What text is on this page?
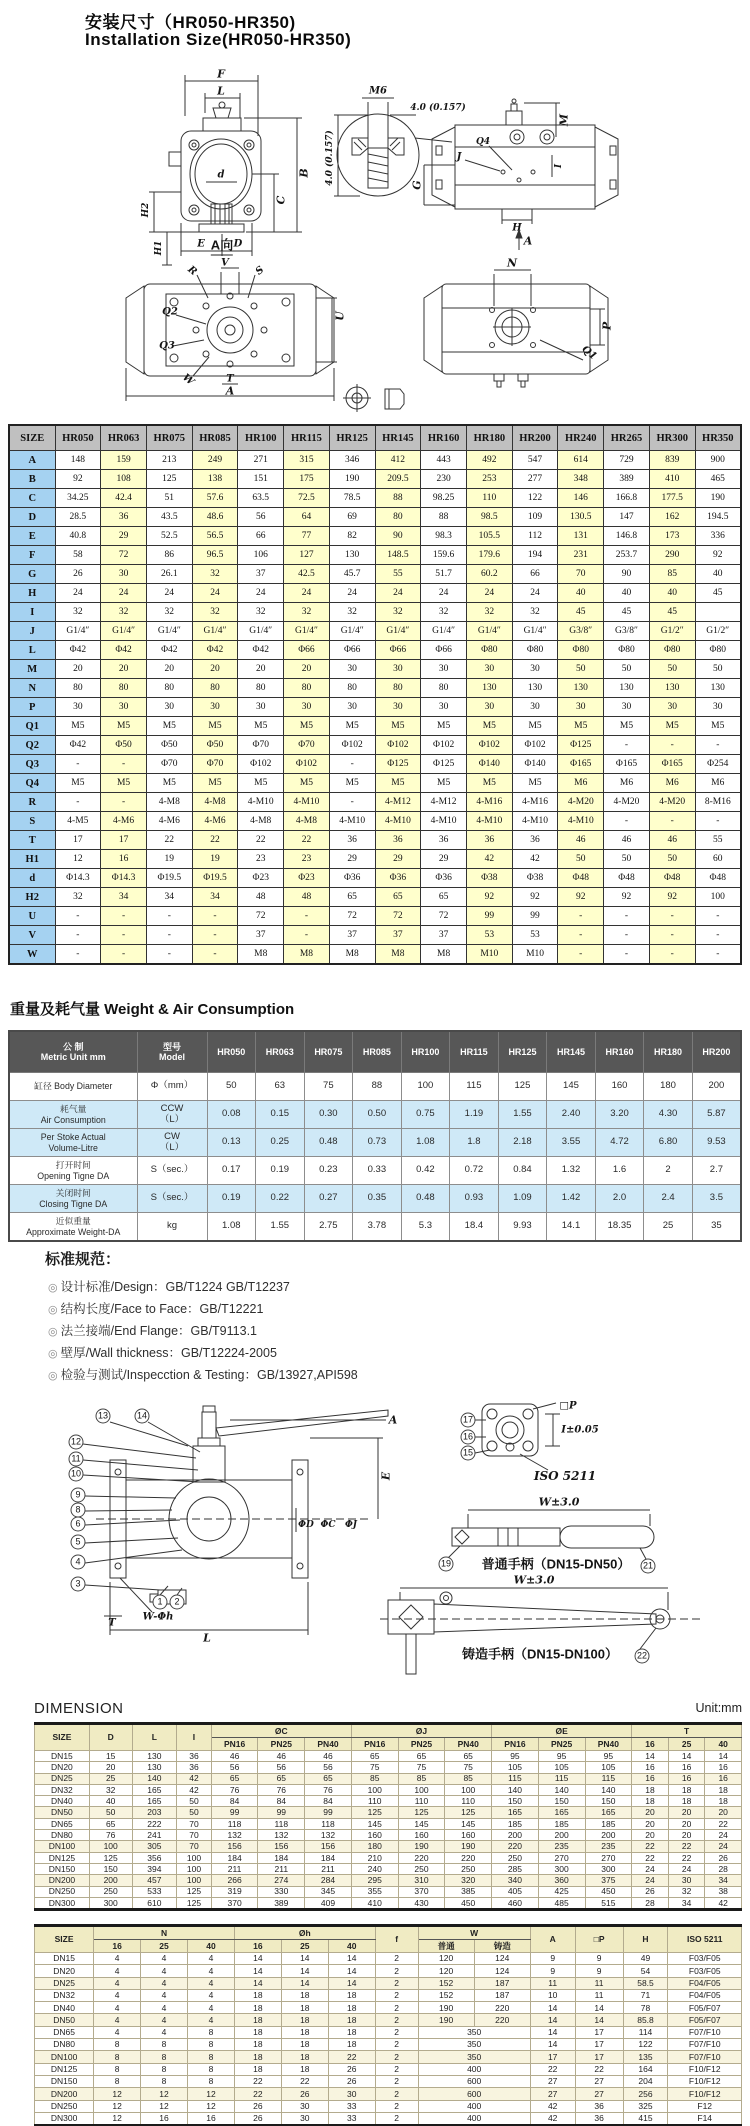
安装尺寸（HR050-HR350)
Installation Size(HR050-HR350)
F
L
B
C
d
H2
H1	E	D
M6
4.0 (0.157)
4.0 (0.157)	Q4
J
M
G
I
H
A
A向
V
R	S
Q2
Q3
U
W	T
A
N
P
Q1
SIZE	HR050	HR063	HR075	HR085	HR100	HR115	HR125	HR145	HR160	HR180	HR200	HR240	HR265	HR300	HR350
A	148	159	213	249	271	315	346	412	443	492	547	614	729	839	900
B	92	108	125	138	151	175	190	209.5	230	253	277	348	389	410	465
C	34.25	42.4	51	57.6	63.5	72.5	78.5	88	98.25	110	122	146	166.8	177.5	190
D	28.5	36	43.5	48.6	56	64	69	80	88	98.5	109	130.5	147	162	194.5
E	40.8	29	52.5	56.5	66	77	82	90	98.3	105.5	112	131	146.8	173	336
F	58	72	86	96.5	106	127	130	148.5	159.6	179.6	194	231	253.7	290	92
G	26	30	26.1	32	37	42.5	45.7	55	51.7	60.2	66	70	90	85	40
H	24	24	24	24	24	24	24	24	24	24	24	40	40	40	45
I	32	32	32	32	32	32	32	32	32	32	32	45	45	45	
J	G1/4″	G1/4″	G1/4″	G1/4″	G1/4″	G1/4″	G1/4″	G1/4″	G1/4″	G1/4″	G1/4″	G3/8″	G3/8″	G1/2″	G1/2″
L	Φ42	Φ42	Φ42	Φ42	Φ42	Φ66	Φ66	Φ66	Φ66	Φ80	Φ80	Φ80	Φ80	Φ80	Φ80
M	20	20	20	20	20	20	30	30	30	30	30	50	50	50	50
N	80	80	80	80	80	80	80	80	80	130	130	130	130	130	130
P	30	30	30	30	30	30	30	30	30	30	30	30	30	30	30
Q1	M5	M5	M5	M5	M5	M5	M5	M5	M5	M5	M5	M5	M5	M5	M5
Q2	Φ42	Φ50	Φ50	Φ50	Φ70	Φ70	Φ102	Φ102	Φ102	Φ102	Φ102	Φ125	-	-	-
Q3	-	-	Φ70	Φ70	Φ102	Φ102	-	Φ125	Φ125	Φ140	Φ140	Φ165	Φ165	Φ165	Φ254
Q4	M5	M5	M5	M5	M5	M5	M5	M5	M5	M5	M5	M6	M6	M6	M6
R	-	-	4-M8	4-M8	4-M10	4-M10	-	4-M12	4-M12	4-M16	4-M16	4-M20	4-M20	4-M20	8-M16
S	4-M5	4-M6	4-M6	4-M6	4-M8	4-M8	4-M10	4-M10	4-M10	4-M10	4-M10	4-M10	-	-	-
T	17	17	22	22	22	22	36	36	36	36	36	46	46	46	55
H1	12	16	19	19	23	23	29	29	29	42	42	50	50	50	60
d	Φ14.3	Φ14.3	Φ19.5	Φ19.5	Φ23	Φ23	Φ36	Φ36	Φ36	Φ38	Φ38	Φ48	Φ48	Φ48	Φ48
H2	32	34	34	34	48	48	65	65	65	92	92	92	92	92	100
U	-	-	-	-	72	-	72	72	72	99	99	-	-	-	-
V	-	-	-	-	37	-	37	37	37	53	53	-	-	-	-
W	-	-	-	-	M8	M8	M8	M8	M8	M10	M10	-	-	-	-
重量及耗气量 Weight & Air Consumption
公 制
Metric Unit mm

型号
Model
	HR050	HR063	HR075	HR085	HR100	HR115	HR125	HR145	HR160	HR180	HR200

缸径 Body Diameter	Φ（mm）	50	63	75	88	100	115	125	145	160	180	200

耗气量
Air Consumption

CCW
（L）	0.08	0.15	0.30	0.50	0.75	1.19	1.55	2.40	3.20	4.30	5.87

Per Stoke Actual
Volume-Litre

CW
（L）	0.13	0.25	0.48	0.73	1.08	1.8	2.18	3.55	4.72	6.80	9.53

打开时间
Opening Tigne DA	S（sec.）	0.17	0.19	0.23	0.33	0.42	0.72	0.84	1.32	1.6	2	2.7

关闭时间
Closing Tigne DA	S（sec.）	0.19	0.22	0.27	0.35	0.48	0.93	1.09	1.42	2.0	2.4	3.5

近似重量
Approximate Weight-DA	kg	1.08	1.55	2.75	3.78	5.3	18.4	9.93	14.1	18.35	25	35
标准规范：
◎ 设计标准/Design：GB/T1224 GB/T12237
◎ 结构长度/Face to Face：GB/T12221
◎ 法兰接端/End Flange：GB/T9113.1
◎ 壁厚/Wall thickness：GB/T12224-2005
◎ 检验与测试/Inspecction & Testing：GB/13927,API598
A
E
ΦD ΦC ΦJ
W-Φh
T
L
□P
I±0.05
ISO 5211
W±3.0
W±3.0
普通手柄（DN15-DN50）
铸造手柄（DN15-DN100）
13	14
12
11
10
9
8
6
5
4
3
1	2
17
16
15
19	21
22
DIMENSION	Unit:mm
SIZE	D	L	I	ØC			ØJ			ØE			T		
				PN16	PN25	PN40	PN16	PN25	PN40	PN16	PN25	PN40	16	25	40
DN15	15	130	36	46	46	46	65	65	65	95	95	95	14	14	14
DN20	20	130	36	56	56	56	75	75	75	105	105	105	16	16	16
DN25	25	140	42	65	65	65	85	85	85	115	115	115	16	16	16
DN32	32	165	42	76	76	76	100	100	100	140	140	140	18	18	18
DN40	40	165	50	84	84	84	110	110	110	150	150	150	18	18	18
DN50	50	203	50	99	99	99	125	125	125	165	165	165	20	20	20
DN65	65	222	70	118	118	118	145	145	145	185	185	185	20	20	22
DN80	76	241	70	132	132	132	160	160	160	200	200	200	20	20	24
DN100	100	305	70	156	156	156	180	190	190	220	235	235	22	22	24
DN125	125	356	100	184	184	184	210	220	220	250	270	270	22	22	26
DN150	150	394	100	211	211	211	240	250	250	285	300	300	24	24	28
DN200	200	457	100	266	274	284	295	310	320	340	360	375	24	30	34
DN250	250	533	125	319	330	345	355	370	385	405	425	450	26	32	38
DN300	300	610	125	370	389	409	410	430	450	460	485	515	28	34	42
SIZE	N			Øh			f	W		A	□P	H	ISO 5211
	16	25	40	16	25	40		普通	铸造				
DN15	4	4	4	14	14	14	2	120	124	9	9	49	F03/F05
DN20	4	4	4	14	14	14	2	120	124	9	9	54	F03/F05
DN25	4	4	4	14	14	14	2	152	187	11	11	58.5	F04/F05
DN32	4	4	4	18	18	18	2	152	187	10	11	71	F04/F05
DN40	4	4	4	18	18	18	2	190	220	14	14	78	F05/F07
DN50	4	4	4	18	18	18	2	190	220	14	14	85.8	F05/F07
DN65	4	4	8	18	18	18	2	350		14	17	114	F07/F10
DN80	8	8	8	18	18	18	2	350		14	17	122	F07/F10
DN100	8	8	8	18	18	22	2	350		17	17	135	F07/F10
DN125	8	8	8	18	18	26	2	400		22	22	164	F10/F12
DN150	8	8	8	22	22	26	2	600		27	27	204	F10/F12
DN200	12	12	12	22	26	30	2	600		27	27	256	F10/F12
DN250	12	12	12	26	30	33	2	400		42	36	325	F12
DN300	12	16	16	26	30	33	2	400		42	36	415	F14
